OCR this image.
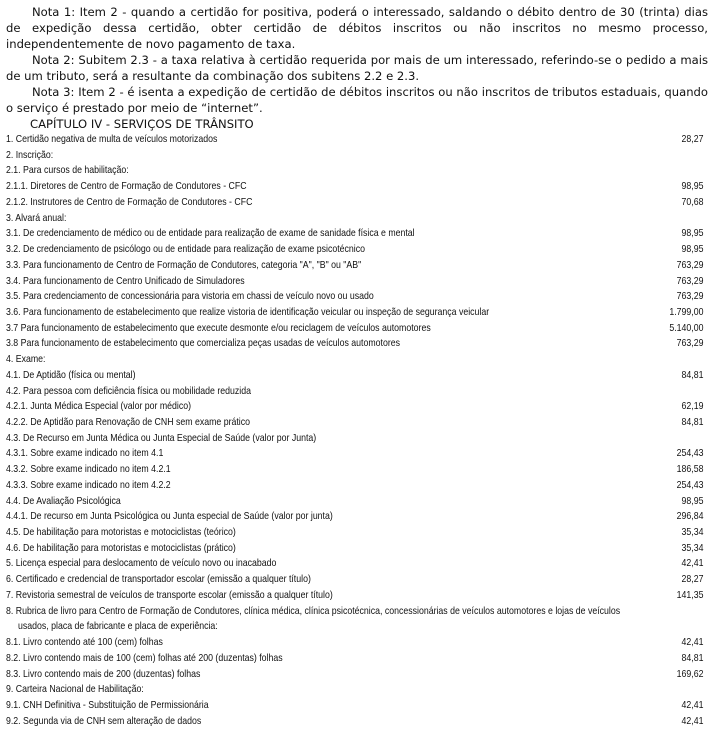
Nota 1: Item 2 - quando a certidão for positiva, poderá o interessado, saldando o débito dentro de 30 (trinta) dias de expedição dessa certidão, obter certidão de débitos inscritos ou não inscritos no mesmo processo, independentemente de novo pagamento de taxa.
Nota 2: Subitem 2.3 - a taxa relativa à certidão requerida por mais de um interessado, referindo-se o pedido a mais de um tributo, será a resultante da combinação dos subitens 2.2 e 2.3.
Nota 3: Item 2 - é isenta a expedição de certidão de débitos inscritos ou não inscritos de tributos estaduais, quando o serviço é prestado por meio de “internet”.
CAPÍTULO IV - SERVIÇOS DE TRÂNSITO
1. Certidão negativa de multa de veículos motorizados	28,27
2. Inscrição:
2.1. Para cursos de habilitação:
2.1.1. Diretores de Centro de Formação de Condutores - CFC	98,95
2.1.2. Instrutores de Centro de Formação de Condutores - CFC	70,68
3. Alvará anual:
3.1. De credenciamento de médico ou de entidade para realização de exame de sanidade física e mental	98,95
3.2. De credenciamento de psicólogo ou de entidade para realização de exame psicotécnico	98,95
3.3. Para funcionamento de Centro de Formação de Condutores, categoria "A", "B" ou "AB"	763,29
3.4. Para funcionamento de Centro Unificado de Simuladores	763,29
3.5. Para credenciamento de concessionária para vistoria em chassi de veículo novo ou usado	763,29
3.6. Para funcionamento de estabelecimento que realize vistoria de identificação veicular ou inspeção de segurança veicular	1.799,00
3.7 Para funcionamento de estabelecimento que execute desmonte e/ou reciclagem de veículos automotores	5.140,00
3.8 Para funcionamento de estabelecimento que comercializa peças usadas de veículos automotores	763,29
4. Exame:
4.1. De Aptidão (física ou mental)	84,81
4.2. Para pessoa com deficiência física ou mobilidade reduzida
4.2.1. Junta Médica Especial (valor por médico)	62,19
4.2.2. De Aptidão para Renovação de CNH sem exame prático	84,81
4.3. De Recurso em Junta Médica ou Junta Especial de Saúde (valor por Junta)
4.3.1. Sobre exame indicado no item 4.1	254,43
4.3.2. Sobre exame indicado no item 4.2.1	186,58
4.3.3. Sobre exame indicado no item 4.2.2	254,43
4.4. De Avaliação Psicológica	98,95
4.4.1. De recurso em Junta Psicológica ou Junta especial de Saúde (valor por junta)	296,84
4.5. De habilitação para motoristas e motociclistas (teórico)	35,34
4.6. De habilitação para motoristas e motociclistas (prático)	35,34
5. Licença especial para deslocamento de veículo novo ou inacabado	42,41
6. Certificado e credencial de transportador escolar (emissão a qualquer título)	28,27
7. Revistoria semestral de veículos de transporte escolar (emissão a qualquer título)	141,35
8. Rubrica de livro para Centro de Formação de Condutores, clínica médica, clínica psicotécnica, concessionárias de veículos automotores e lojas de veículos
usados, placa de fabricante e placa de experiência:
8.1. Livro contendo até 100 (cem) folhas	42,41
8.2. Livro contendo mais de 100 (cem) folhas até 200 (duzentas) folhas	84,81
8.3. Livro contendo mais de 200 (duzentas) folhas	169,62
9. Carteira Nacional de Habilitação:
9.1. CNH Definitiva - Substituição de Permissionária	42,41
9.2. Segunda via de CNH sem alteração de dados	42,41
